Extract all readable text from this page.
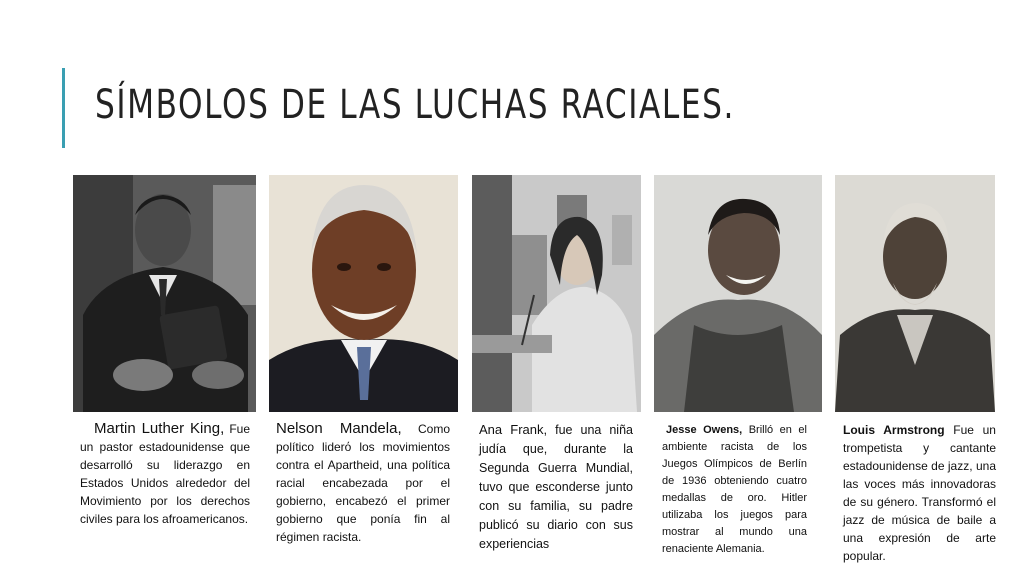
SÍMBOLOS DE LAS LUCHAS RACIALES.
Martin Luther King, Fue un pastor estadounidense que desarrolló su liderazgo en Estados Unidos alrededor del Movimiento por los derechos civiles para los afroamericanos.
Nelson Mandela, Como político liderό los movimientos contra el Apartheid, una política racial encabezada por el gobierno, encabezó el primer gobierno que ponía fin al régimen racista.
Ana Frank, fue una niña judía que, durante la Segunda Guerra Mundial, tuvo que esconderse junto con su familia, su padre publicó su diario con sus experiencias
Jesse Owens, Brilló en el ambiente racista de los Juegos Olímpicos de Berlín de 1936 obteniendo cuatro medallas de oro. Hitler utilizaba los juegos para mostrar al mundo una renaciente Alemania.
Louis Armstrong Fue un trompetista y cantante estadounidense de jazz, una las voces más innovadoras de su género. Transformó el jazz de música de baile a una expresión de arte popular.
